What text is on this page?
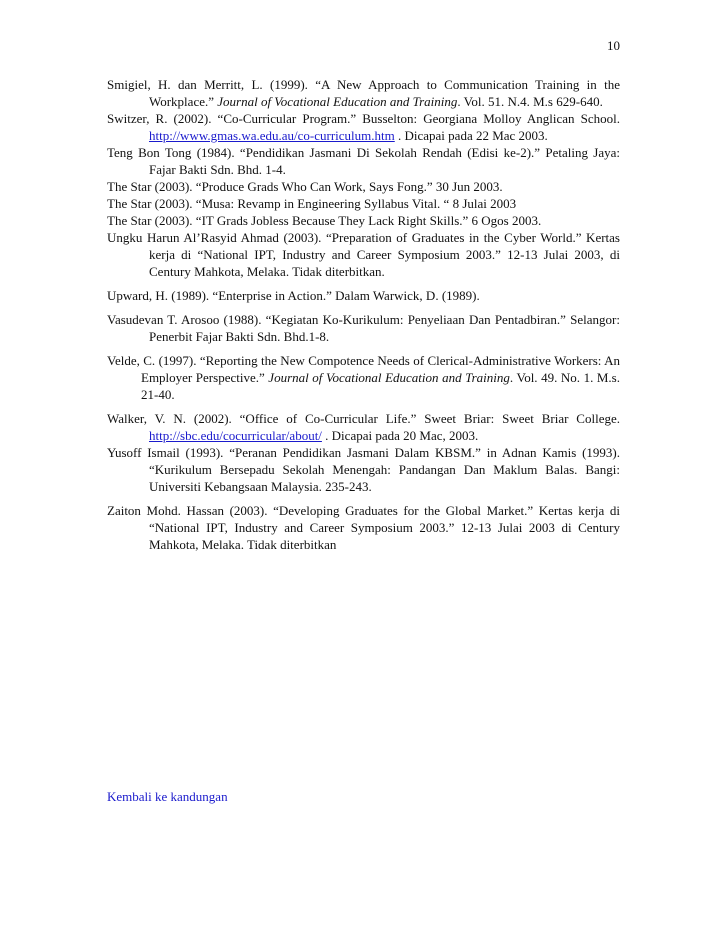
10

Smigiel, H. dan Merritt, L. (1999). “A New Approach to Communication Training in the Workplace.” Journal of Vocational Education and Training. Vol. 51. N.4. M.s 629-640.

Switzer, R. (2002). “Co-Curricular Program.” Busselton: Georgiana Molloy Anglican School. http://www.gmas.wa.edu.au/co-curriculum.htm . Dicapai pada 22 Mac 2003.

Teng Bon Tong (1984). “Pendidikan Jasmani Di Sekolah Rendah (Edisi ke-2).” Petaling Jaya: Fajar Bakti Sdn. Bhd. 1-4.

The Star (2003). “Produce Grads Who Can Work, Says Fong.” 30 Jun 2003.

The Star (2003). “Musa: Revamp in Engineering Syllabus Vital. “ 8 Julai 2003

The Star (2003). “IT Grads Jobless Because They Lack Right Skills.” 6 Ogos 2003.

Ungku Harun Al’Rasyid Ahmad (2003). “Preparation of Graduates in the Cyber World.” Kertas kerja di “National IPT, Industry and Career Symposium 2003.” 12-13 Julai 2003, di Century Mahkota, Melaka. Tidak diterbitkan.

Upward, H. (1989). “Enterprise in Action.” Dalam Warwick, D. (1989).

Vasudevan T. Arosoo (1988). “Kegiatan Ko-Kurikulum: Penyeliaan Dan Pentadbiran.” Selangor: Penerbit Fajar Bakti Sdn. Bhd.1-8.

Velde, C. (1997). “Reporting the New Compotence Needs of Clerical-Administrative Workers: An Employer Perspective.” Journal of Vocational Education and Training. Vol. 49. No. 1. M.s. 21-40.

Walker, V. N. (2002). “Office of Co-Curricular Life.” Sweet Briar: Sweet Briar College. http://sbc.edu/cocurricular/about/ . Dicapai pada 20 Mac, 2003.

Yusoff Ismail (1993). “Peranan Pendidikan Jasmani Dalam KBSM.” in Adnan Kamis (1993). “Kurikulum Bersepadu Sekolah Menengah: Pandangan Dan Maklum Balas. Bangi: Universiti Kebangsaan Malaysia. 235-243.

Zaiton Mohd. Hassan (2003). “Developing Graduates for the Global Market.” Kertas kerja di “National IPT, Industry and Career Symposium 2003.” 12-13 Julai 2003 di Century Mahkota, Melaka. Tidak diterbitkan

Kembali ke kandungan
